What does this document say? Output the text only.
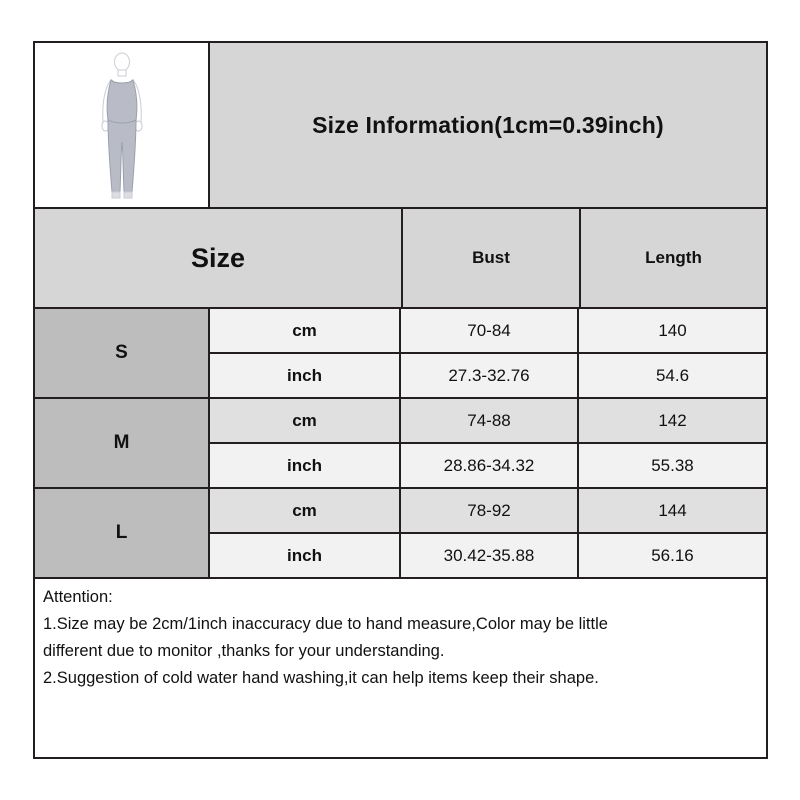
Size Information(1cm=0.39inch)
Size	Bust	Length
S
cm	70-84	140
inch	27.3-32.76	54.6
M
cm	74-88	142
inch	28.86-34.32	55.38
L
cm	78-92	144
inch	30.42-35.88	56.16

Attention:

1.Size may be 2cm/1inch inaccuracy due to hand measure,Color may be little

different due to monitor ,thanks for your understanding.

2.Suggestion of cold water hand washing,it can help items keep their shape.
